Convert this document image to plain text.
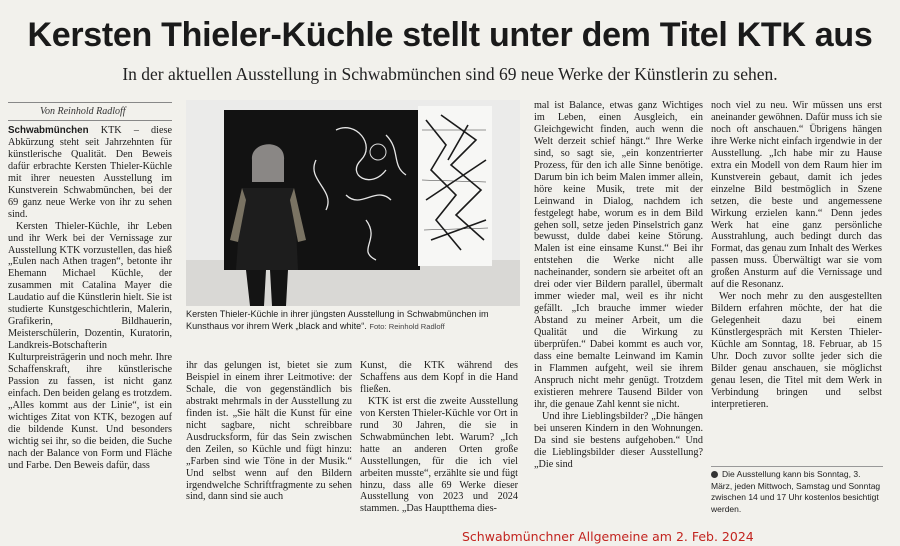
Kersten Thieler-Küchle stellt unter dem Titel KTK aus

In der aktuellen Ausstellung in Schwabmünchen sind 69 neue Werke der Künstlerin zu sehen.

Von Reinhold Radloff

Schwabmünchen KTK – diese Abkürzung steht seit Jahrzehnten für künstlerische Qualität. Den Beweis dafür erbrachte Kersten Thieler-Küchle mit ihrer neuesten Ausstellung im Kunstverein Schwabmünchen, bei der 69 ganz neue Werke von ihr zu sehen sind.

Kersten Thieler-Küchle, ihr Leben und ihr Werk bei der Vernissage zur Ausstellung KTK vorzustellen, das hieß „Eulen nach Athen tragen“, betonte ihr Ehemann Michael Küchle, der zusammen mit Catalina Mayer die Laudatio auf die Künstlerin hielt. Sie ist studierte Kunstgeschichtlerin, Malerin, Grafikerin, Bildhauerin, Meisterschülerin, Dozentin, Kuratorin, Landkreis-Botschafterin Kulturpreisträgerin und noch mehr. Ihre Schaffenskraft, ihre künstlerische Passion zu fassen, ist nicht ganz einfach. Den beiden gelang es trotzdem. „Alles kommt aus der Linie“, ist ein wichtiges Zitat von KTK, bezogen auf die bildende Kunst. Und besonders wichtig sei ihr, so die beiden, die Suche nach der Balance von Form und Fläche und Farbe. Den Beweis dafür, dass

Kersten Thieler-Küchle in ihrer jüngsten Ausstellung in Schwabmünchen im Kunsthaus vor ihrem Werk „black and white“. Foto: Reinhold Radloff

ihr das gelungen ist, bietet sie zum Beispiel in einem ihrer Leitmotive: der Schale, die von gegenständlich bis abstrakt mehrmals in der Ausstellung zu finden ist. „Sie hält die Kunst für eine nicht sagbare, nicht schreibbare Ausdrucksform, für das Sein zwischen den Zeilen, so Küchle und fügt hinzu: „Farben sind wie Töne in der Musik.“ Und selbst wenn auf den Bildern irgendwelche Schriftfragmente zu sehen sind, dann sind sie auch

Kunst, die KTK während des Schaffens aus dem Kopf in die Hand fließen.

KTK ist erst die zweite Ausstellung von Kersten Thieler-Küchle vor Ort in rund 30 Jahren, die sie in Schwabmünchen lebt. Warum? „Ich hatte an anderen Orten große Ausstellungen, für die ich viel arbeiten musste“, erzählte sie und fügt hinzu, dass alle 69 Werke dieser Ausstellung von 2023 und 2024 stammen. „Das Hauptthema dies-

mal ist Balance, etwas ganz Wichtiges im Leben, einen Ausgleich, ein Gleichgewicht finden, auch wenn die Welt derzeit schief hängt.“ Ihre Werke sind, so sagt sie, „ein konzentrierter Prozess, für den ich alle Sinne benötige. Darum bin ich beim Malen immer allein, höre keine Musik, trete mit der Leinwand in Dialog, nachdem ich festgelegt habe, worum es in dem Bild gehen soll, setze jeden Pinselstrich ganz bewusst, dulde dabei keine Störung. Malen ist eine einsame Kunst.“ Bei ihr entstehen die Werke nicht alle nacheinander, sondern sie arbeitet oft an drei oder vier Bildern parallel, übermalt immer wieder mal, weil es ihr nicht gefällt. „Ich brauche immer wieder Abstand zu meiner Arbeit, um die Qualität und die Wirkung zu überprüfen.“ Dabei kommt es auch vor, dass eine bemalte Leinwand im Kamin in Flammen aufgeht, weil sie ihrem Anspruch nicht mehr genügt. Trotzdem existieren mehrere Tausend Bilder von ihr, die genaue Zahl kennt sie nicht.

Und ihre Lieblingsbilder? „Die hängen bei unseren Kindern in den Wohnungen. Da sind sie bestens aufgehoben.“ Und die Lieblingsbilder dieser Ausstellung? „Die sind

noch viel zu neu. Wir müssen uns erst aneinander gewöhnen. Dafür muss ich sie noch oft anschauen.“ Übrigens hängen ihre Werke nicht einfach irgendwie in der Ausstellung. „Ich habe mir zu Hause extra ein Modell von dem Raum hier im Kunstverein gebaut, damit ich jedes einzelne Bild bestmöglich in Szene setzen, die beste und angemessene Wirkung erzielen kann.“ Denn jedes Werk hat eine ganz persönliche Ausstrahlung, auch bedingt durch das Format, das genau zum Inhalt des Werkes passen muss. Überwältigt war sie vom großen Ansturm auf die Vernissage und auf die Resonanz.

Wer noch mehr zu den ausgestellten Bildern erfahren möchte, der hat die Gelegenheit dazu bei einem Künstlergespräch mit Kersten Thieler-Küchle am Sonntag, 18. Februar, ab 15 Uhr. Doch zuvor sollte jeder sich die Bilder genau anschauen, sie möglichst genau lesen, die Titel mit dem Werk in Verbindung bringen und selbst interpretieren.

Die Ausstellung kann bis Sonntag, 3. März, jeden Mittwoch, Samstag und Sonntag zwischen 14 und 17 Uhr kostenlos besichtigt werden.
Schwabmünchner Allgemeine am 2. Feb. 2024
